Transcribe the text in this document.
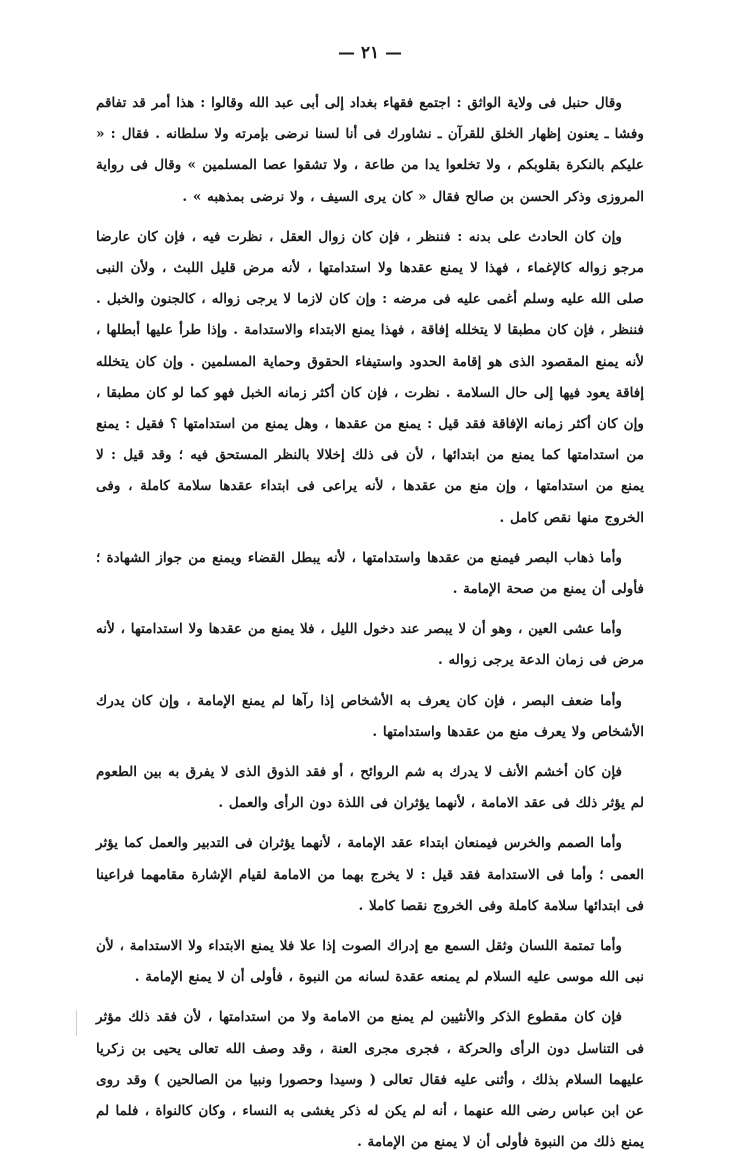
— ٢١ —

وقال حنبل فى ولاية الواثق : اجتمع فقهاء بغداد إلى أبى عبد الله وقالوا : هذا أمر قد تفاقم وفشا ـ يعنون إظهار الخلق للقرآن ـ نشاورك فى أنا لسنا نرضى بإمرته ولا سلطانه . فقال : « عليكم بالنكرة بقلوبكم ، ولا تخلعوا يدا من طاعة ، ولا تشقوا عصا المسلمين » وقال فى رواية المروزى وذكر الحسن بن صالح فقال « كان يرى السيف ، ولا نرضى بمذهبه » .

وإن كان الحادث على بدنه : فننظر ، فإن كان زوال العقل ، نظرت فيه ، فإن كان عارضا مرجو زواله كالإغماء ، فهذا لا يمنع عقدها ولا استدامتها ، لأنه مرض قليل اللبث ، ولأن النبى صلى الله عليه وسلم أغمى عليه فى مرضه : وإن كان لازما لا يرجى زواله ، كالجنون والخبل . فننظر ، فإن كان مطبقا لا يتخلله إفاقة ، فهذا يمنع الابتداء والاستدامة . وإذا طرأ عليها أبطلها ، لأنه يمنع المقصود الذى هو إقامة الحدود واستيفاء الحقوق وحماية المسلمين . وإن كان يتخلله إفاقة يعود فيها إلى حال السلامة . نظرت ، فإن كان أكثر زمانه الخبل فهو كما لو كان مطبقا ، وإن كان أكثر زمانه الإفاقة فقد قيل : يمنع من عقدها ، وهل يمنع من استدامتها ؟ فقيل : يمنع من استدامتها كما يمنع من ابتدائها ، لأن فى ذلك إخلالا بالنظر المستحق فيه ؛ وقد قيل : لا يمنع من استدامتها ، وإن منع من عقدها ، لأنه يراعى فى ابتداء عقدها سلامة كاملة ، وفى الخروج منها نقص كامل .

وأما ذهاب البصر فيمنع من عقدها واستدامتها ، لأنه يبطل القضاء ويمنع من جواز الشهادة ؛ فأولى أن يمنع من صحة الإمامة .

وأما عشى العين ، وهو أن لا يبصر عند دخول الليل ، فلا يمنع من عقدها ولا استدامتها ، لأنه مرض فى زمان الدعة يرجى زواله .

وأما ضعف البصر ، فإن كان يعرف به الأشخاص إذا رآها لم يمنع الإمامة ، وإن كان يدرك الأشخاص ولا يعرف منع من عقدها واستدامتها .

فإن كان أخشم الأنف لا يدرك به شم الروائح ، أو فقد الذوق الذى لا يفرق به بين الطعوم لم يؤثر ذلك فى عقد الامامة ، لأنهما يؤثران فى اللذة دون الرأى والعمل .

وأما الصمم والخرس فيمنعان ابتداء عقد الإمامة ، لأنهما يؤثران فى التدبير والعمل كما يؤثر العمى ؛ وأما فى الاستدامة فقد قيل : لا يخرج بهما من الامامة لقيام الإشارة مقامهما فراعينا فى ابتدائها سلامة كاملة وفى الخروج نقصا كاملا .

وأما تمتمة اللسان وثقل السمع مع إدراك الصوت إذا علا فلا يمنع الابتداء ولا الاستدامة ، لأن نبى الله موسى عليه السلام لم يمنعه عقدة لسانه من النبوة ، فأولى أن لا يمنع الإمامة .

فإن كان مقطوع الذكر والأنثيين لم يمنع من الامامة ولا من استدامتها ، لأن فقد ذلك مؤثر فى التناسل دون الرأى والحركة ، فجرى مجرى العنة ، وقد وصف الله تعالى يحيى بن زكريا عليهما السلام بذلك ، وأثنى عليه فقال تعالى ( وسيدا وحصورا ونبيا من الصالحين ) وقد روى عن ابن عباس رضى الله عنهما ، أنه لم يكن له ذكر يغشى به النساء ، وكان كالنواة ، فلما لم يمنع ذلك من النبوة فأولى أن لا يمنع من الإمامة .
